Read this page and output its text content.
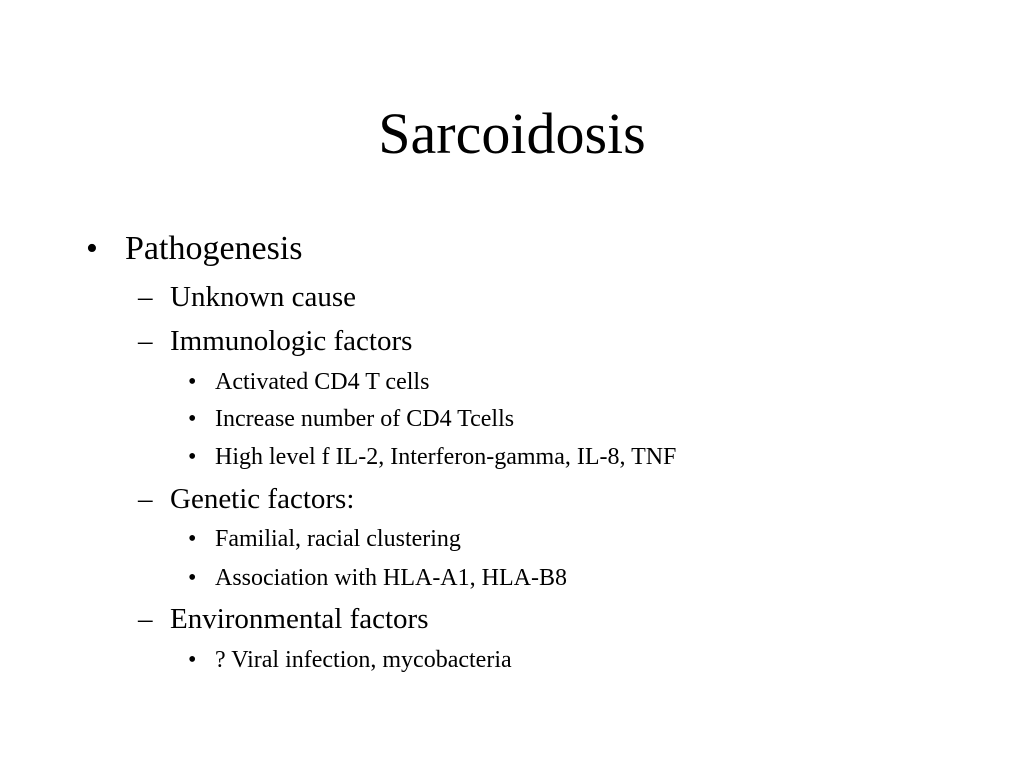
Sarcoidosis
• Pathogenesis
– Unknown cause
– Immunologic factors
• Activated CD4 T cells
• Increase number of CD4 Tcells
• High level f IL-2, Interferon-gamma, IL-8, TNF
– Genetic factors:
• Familial, racial clustering
• Association with HLA-A1, HLA-B8
– Environmental factors
• ? Viral infection, mycobacteria
